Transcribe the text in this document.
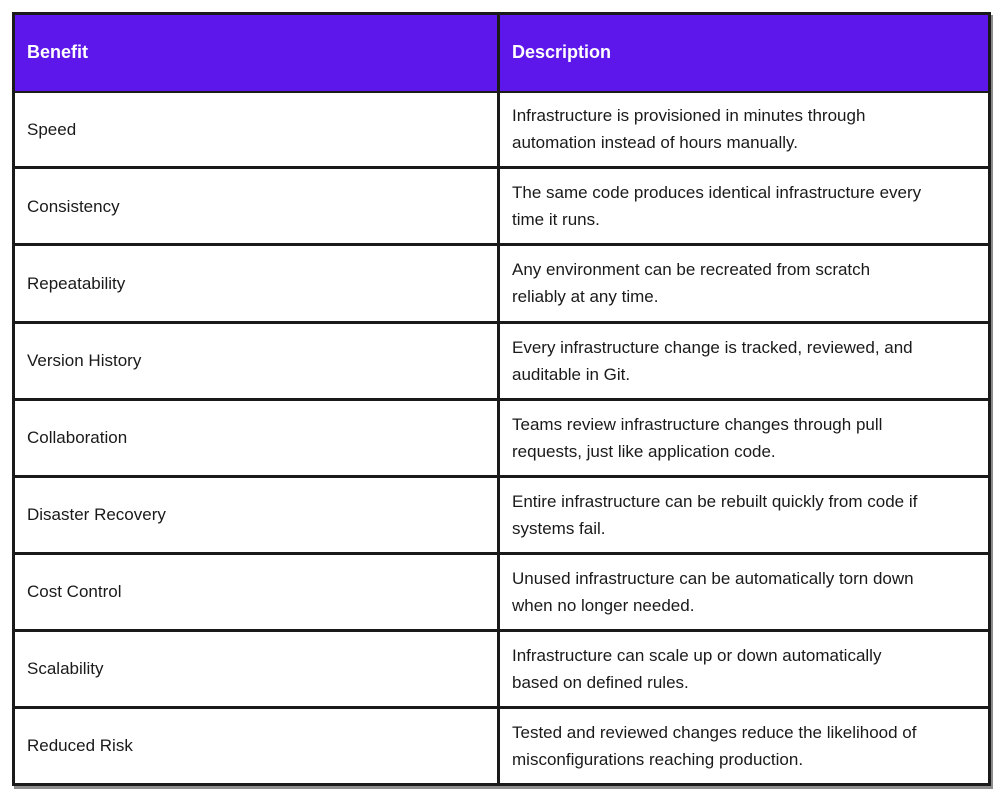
Benefit	Description
Speed	Infrastructure is provisioned in minutes through automation instead of hours manually.

Consistency	The same code produces identical infrastructure every time it runs.

Repeatability	Any environment can be recreated from scratch reliably at any time.

Version History	Every infrastructure change is tracked, reviewed, and auditable in Git.

Collaboration	Teams review infrastructure changes through pull requests, just like application code.

Disaster Recovery	Entire infrastructure can be rebuilt quickly from code if systems fail.

Cost Control	Unused infrastructure can be automatically torn down when no longer needed.

Scalability	Infrastructure can scale up or down automatically based on defined rules.

Reduced Risk	Tested and reviewed changes reduce the likelihood of misconfigurations reaching production.
